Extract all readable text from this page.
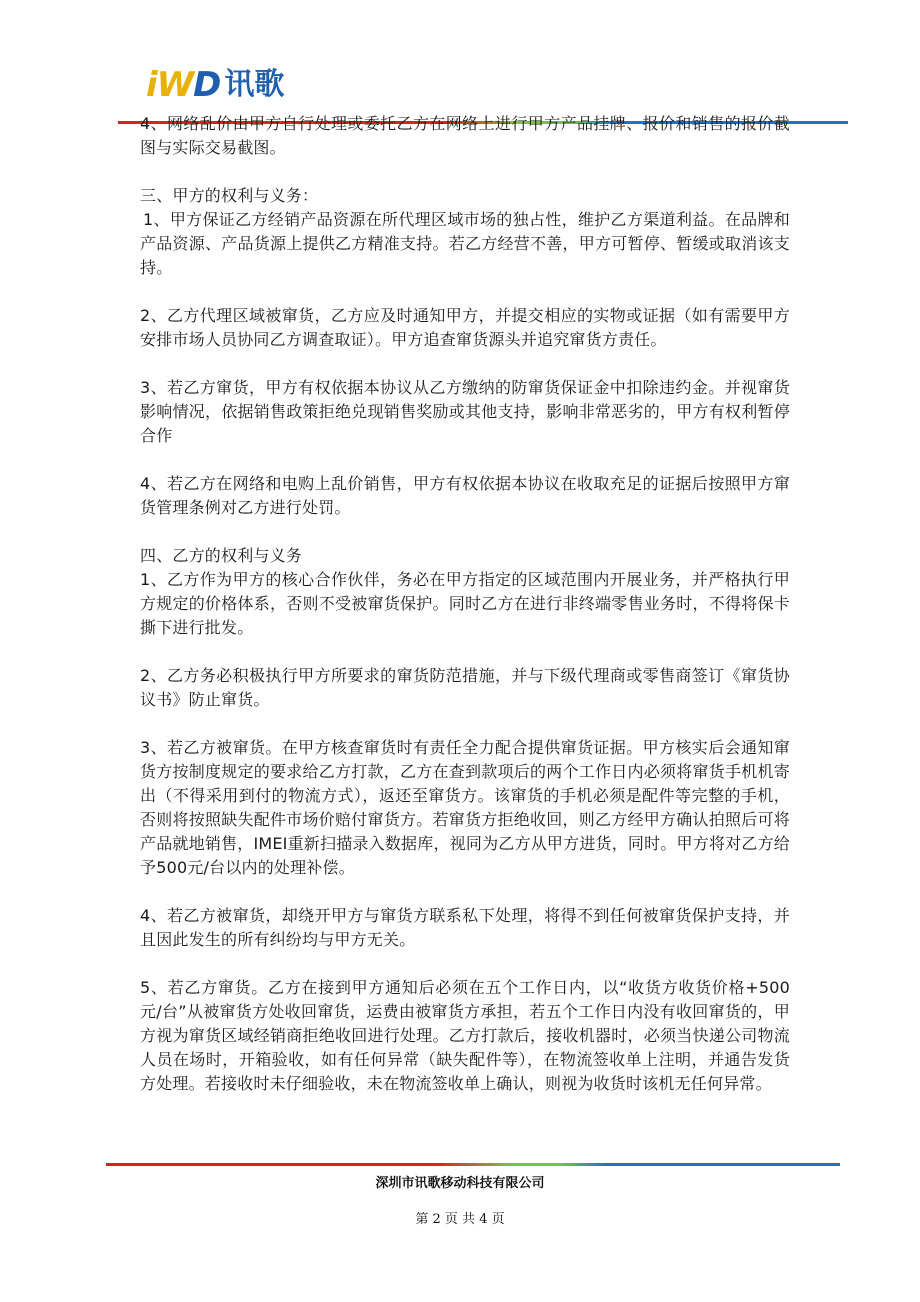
iWD 讯歌

4、网络乱价由甲方自行处理或委托乙方在网络上进行甲方产品挂牌、报价和销售的报价截图与实际交易截图。

三、甲方的权利与义务：

1、甲方保证乙方经销产品资源在所代理区域市场的独占性，维护乙方渠道利益。在品牌和产品资源、产品货源上提供乙方精准支持。若乙方经营不善，甲方可暂停、暂缓或取消该支持。

2、乙方代理区域被窜货，乙方应及时通知甲方，并提交相应的实物或证据（如有需要甲方安排市场人员协同乙方调查取证）。甲方追查窜货源头并追究窜货方责任。

3、若乙方窜货，甲方有权依据本协议从乙方缴纳的防窜货保证金中扣除违约金。并视窜货影响情况，依据销售政策拒绝兑现销售奖励或其他支持，影响非常恶劣的，甲方有权利暂停合作

4、若乙方在网络和电购上乱价销售，甲方有权依据本协议在收取充足的证据后按照甲方窜货管理条例对乙方进行处罚。

四、乙方的权利与义务

1、乙方作为甲方的核心合作伙伴，务必在甲方指定的区域范围内开展业务，并严格执行甲方规定的价格体系，否则不受被窜货保护。同时乙方在进行非终端零售业务时，不得将保卡撕下进行批发。

2、乙方务必积极执行甲方所要求的窜货防范措施，并与下级代理商或零售商签订《窜货协议书》防止窜货。

3、若乙方被窜货。在甲方核查窜货时有责任全力配合提供窜货证据。甲方核实后会通知窜货方按制度规定的要求给乙方打款，乙方在查到款项后的两个工作日内必须将窜货手机机寄出（不得采用到付的物流方式），返还至窜货方。该窜货的手机必须是配件等完整的手机，否则将按照缺失配件市场价赔付窜货方。若窜货方拒绝收回，则乙方经甲方确认拍照后可将产品就地销售，IMEI重新扫描录入数据库，视同为乙方从甲方进货，同时。甲方将对乙方给予500元/台以内的处理补偿。

4、若乙方被窜货，却绕开甲方与窜货方联系私下处理，将得不到任何被窜货保护支持，并且因此发生的所有纠纷均与甲方无关。

5、若乙方窜货。乙方在接到甲方通知后必须在五个工作日内，以“收货方收货价格+500元/台”从被窜货方处收回窜货，运费由被窜货方承担，若五个工作日内没有收回窜货的，甲方视为窜货区域经销商拒绝收回进行处理。乙方打款后，接收机器时，必须当快递公司物流人员在场时，开箱验收，如有任何异常（缺失配件等），在物流签收单上注明，并通告发货方处理。若接收时未仔细验收，未在物流签收单上确认，则视为收货时该机无任何异常。

深圳市讯歌移动科技有限公司
第 2 页 共 4 页
